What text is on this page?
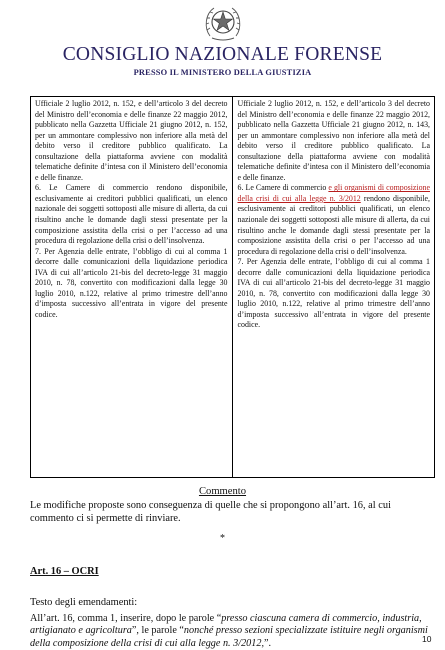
CONSIGLIO NAZIONALE FORENSE
PRESSO IL MINISTERO DELLA GIUSTIZIA

Ufficiale 2 luglio 2012, n. 152, e dell’articolo 3 del decreto del Ministro dell’economia e delle finanze 22 maggio 2012, pubblicato nella Gazzetta Ufficiale 21 giugno 2012, n. 152, per un ammontare complessivo non inferiore alla metà del debito verso il creditore pubblico qualificato. La consultazione della piattaforma avviene con modalità telematiche definite d’intesa con il Ministero dell’economia e delle finanze.

6. Le Camere di commercio rendono disponibile, esclusivamente ai creditori pubblici qualificati, un elenco nazionale dei soggetti sottoposti alle misure di allerta, da cui risultino anche le domande dagli stessi presentate per la composizione assistita della crisi o per l’accesso ad una procedura di regolazione della crisi o dell’insolvenza.

7. Per Agenzia delle entrate, l’obbligo di cui al comma 1 decorre dalle comunicazioni della liquidazione periodica IVA di cui all’articolo 21-bis del decreto-legge 31 maggio 2010, n. 78, convertito con modificazioni dalla legge 30 luglio 2010, n.122, relative al primo trimestre dell’anno d’imposta successivo all’entrata in vigore del presente codice.

Ufficiale 2 luglio 2012, n. 152, e dell’articolo 3 del decreto del Ministro dell’economia e delle finanze 22 maggio 2012, pubblicato nella Gazzetta Ufficiale 21 giugno 2012, n. 143, per un ammontare complessivo non inferiore alla metà del debito verso il creditore pubblico qualificato. La consultazione della piattaforma avviene con modalità telematiche definite d’intesa con il Ministero dell’economia e delle finanze.

6. Le Camere di commercio e gli organismi di composizione della crisi di cui alla legge n. 3/2012 rendono disponibile, esclusivamente ai creditori pubblici qualificati, un elenco nazionale dei soggetti sottoposti alle misure di allerta, da cui risultino anche le domande dagli stessi presentate per la composizione assistita della crisi o per l’accesso ad una procedura di regolazione della crisi o dell’insolvenza.

7. Per Agenzia delle entrate, l’obbligo di cui al comma 1 decorre dalle comunicazioni della liquidazione periodica IVA di cui all’articolo 21-bis del decreto-legge 31 maggio 2010, n. 78, convertito con modificazioni dalla legge 30 luglio 2010, n.122, relative al primo trimestre dell’anno d’imposta successivo all’entrata in vigore del presente codice.

Commento

Le modifiche proposte sono conseguenza di quelle che si propongono all’art. 16, al cui commento ci si permette di rinviare.

*

Art. 16 – OCRI

Testo degli emendamenti:

All’art. 16, comma 1, inserire, dopo le parole “presso ciascuna camera di commercio, industria, artigianato e agricoltura”, le parole “nonché presso sezioni specializzate istituire negli organismi della composizione della crisi di cui alla legge n. 3/2012,”.	10
